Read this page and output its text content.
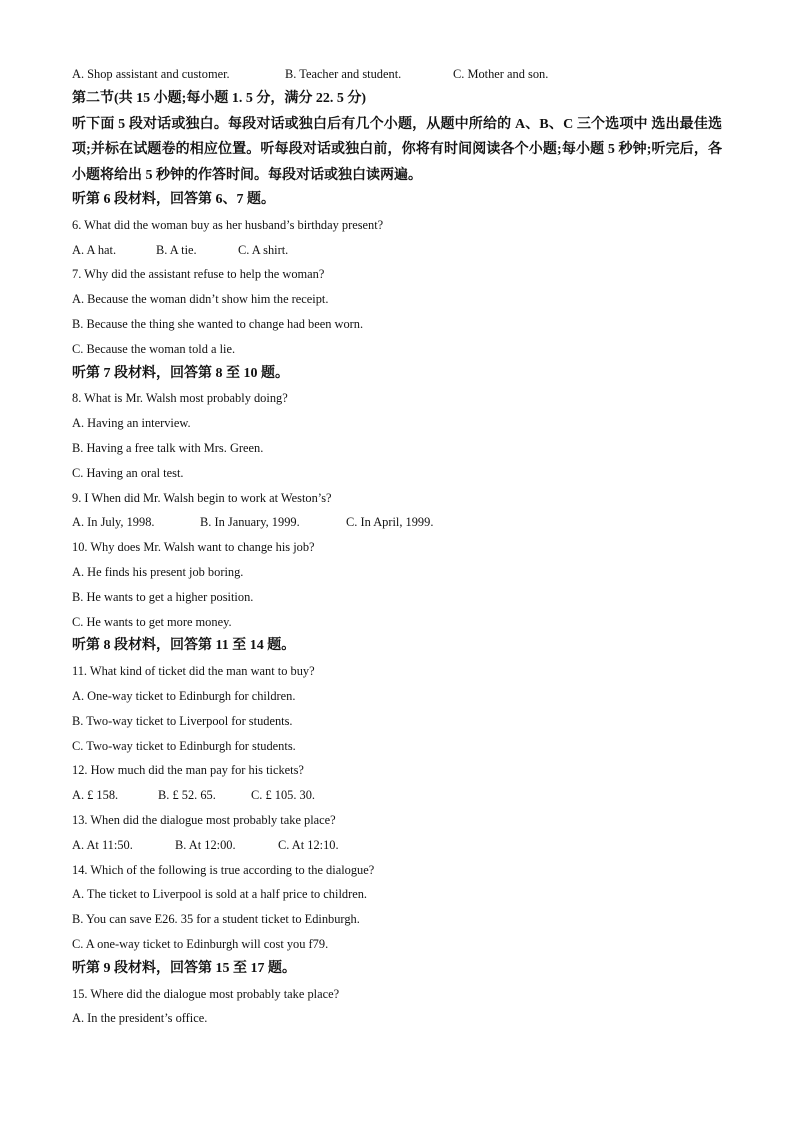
A. Shop assistant and customer.	B. Teacher and student.	C. Mother and son.
第二节(共 15 小题;每小题 1. 5 分，满分 22. 5 分)
听下面 5 段对话或独白。每段对话或独白后有几个小题，从题中所给的 A、B、C 三个选项中 选出最佳选项;并标在试题卷的相应位置。听每段对话或独白前，你将有时间阅读各个小题;每小题 5 秒钟;听完后，各小题将给出 5 秒钟的作答时间。每段对话或独白读两遍。
听第 6 段材料，回答第 6、7 题。
6. What did the woman buy as her husband’s birthday present?
A. A hat.	B. A tie.	C. A shirt.
7. Why did the assistant refuse to help the woman?
A. Because the woman didn’t show him the receipt.
B. Because the thing she wanted to change had been worn.
C. Because the woman told a lie.
听第 7 段材料，回答第 8 至 10 题。
8. What is Mr. Walsh most probably doing?
A. Having an interview.
B. Having a free talk with Mrs. Green.
C. Having an oral test.
9. I When did Mr. Walsh begin to work at Weston’s?
A. In July, 1998.	B. In January, 1999.	C. In April, 1999.
10. Why does Mr. Walsh want to change his job?
A. He finds his present job boring.
B. He wants to get a higher position.
C. He wants to get more money.
听第 8 段材料，回答第 11 至 14 题。
11. What kind of ticket did the man want to buy?
A. One-way ticket to Edinburgh for children.
B. Two-way ticket to Liverpool for students.
C. Two-way ticket to Edinburgh for students.
12. How much did the man pay for his tickets?
A. £ 158.	B. £ 52. 65.	C. £ 105. 30.
13. When did the dialogue most probably take place?
A. At 11:50.	B. At 12:00.	C. At 12:10.
14. Which of the following is true according to the dialogue?
A. The ticket to Liverpool is sold at a half price to children.
B. You can save E26. 35 for a student ticket to Edinburgh.
C. A one-way ticket to Edinburgh will cost you f79.
听第 9 段材料，回答第 15 至 17 题。
15. Where did the dialogue most probably take place?
A. In the president’s office.
